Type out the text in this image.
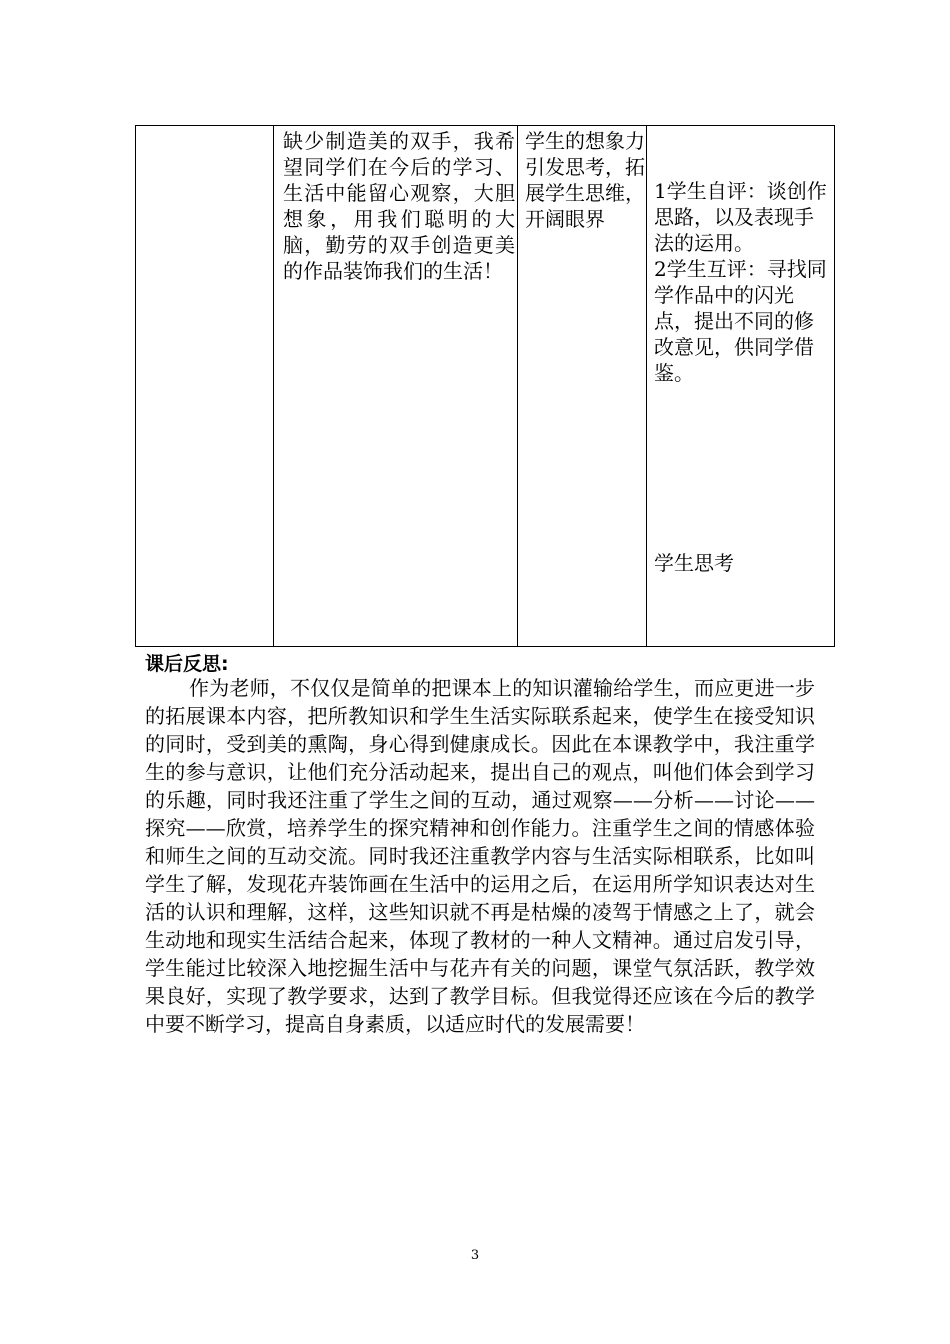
缺少制造美的双手，我希望同学们在今后的学习、生活中能留心观察，大胆想象，用我们聪明的大脑，勤劳的双手创造更美的作品装饰我们的生活！
学生的想象力
引发思考，拓展学生思维，开阔眼界
1学生自评：谈创作思路，以及表现手法的运用。
2学生互评：寻找同学作品中的闪光点，提出不同的修改意见，供同学借鉴。
学生思考
课后反思:
作为老师，不仅仅是简单的把课本上的知识灌输给学生，而应更进一步的拓展课本内容，把所教知识和学生生活实际联系起来，使学生在接受知识的同时，受到美的熏陶，身心得到健康成长。因此在本课教学中，我注重学生的参与意识，让他们充分活动起来，提出自己的观点，叫他们体会到学习的乐趣，同时我还注重了学生之间的互动，通过观察——分析——讨论——探究——欣赏，培养学生的探究精神和创作能力。注重学生之间的情感体验和师生之间的互动交流。同时我还注重教学内容与生活实际相联系，比如叫学生了解，发现花卉装饰画在生活中的运用之后，在运用所学知识表达对生活的认识和理解，这样，这些知识就不再是枯燥的凌驾于情感之上了，就会生动地和现实生活结合起来，体现了教材的一种人文精神。通过启发引导，学生能过比较深入地挖掘生活中与花卉有关的问题，课堂气氛活跃，教学效果良好，实现了教学要求，达到了教学目标。但我觉得还应该在今后的教学中要不断学习，提高自身素质，以适应时代的发展需要！
3
